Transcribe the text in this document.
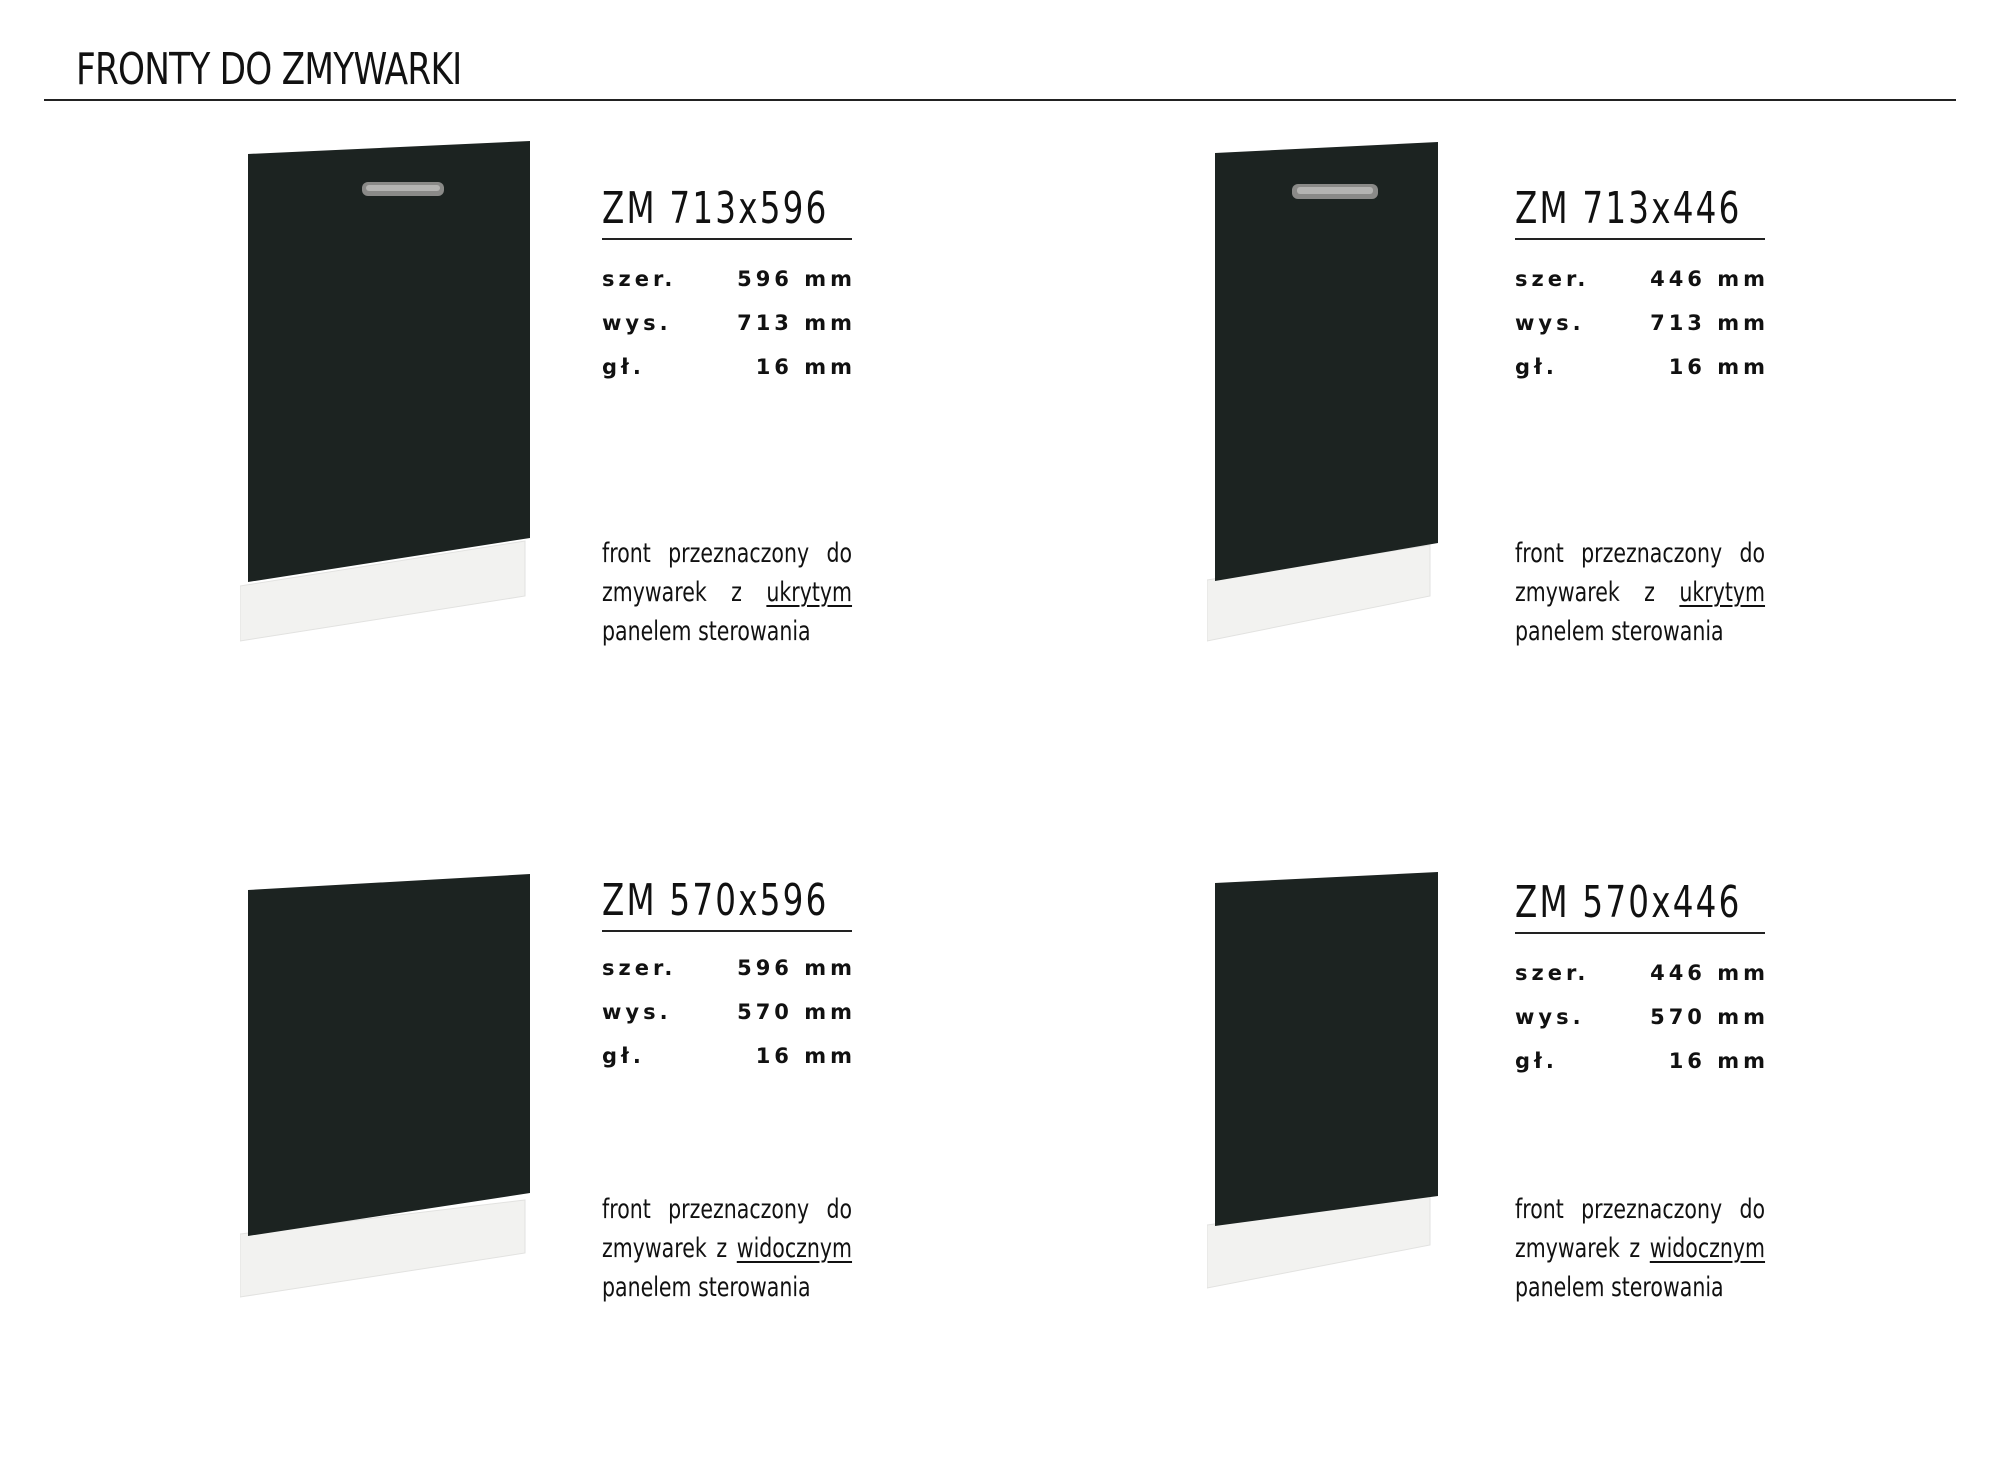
FRONTY DO ZMYWARKI
ZM 713x596
szer.	596 mm
wys.	713 mm
gł.	16 mm
front przeznaczony do
zmywarek z ukrytym
panelem sterowania
ZM 713x446
szer.	446 mm
wys.	713 mm
gł.	16 mm
front przeznaczony do
zmywarek z ukrytym
panelem sterowania
ZM 570x596
szer.	596 mm
wys.	570 mm
gł.	16 mm
front przeznaczony do
zmywarek z widocznym
panelem sterowania
ZM 570x446
szer.	446 mm
wys.	570 mm
gł.	16 mm
front przeznaczony do
zmywarek z widocznym
panelem sterowania
